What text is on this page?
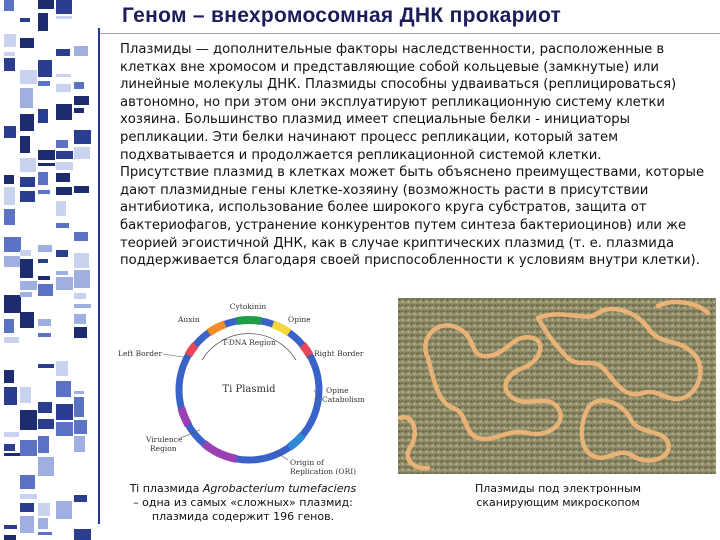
Геном – внехромосомная ДНК прокариот

Плазмиды — дополнительные факторы наследственности, расположенные в клетках вне хромосом и представляющие собой кольцевые (замкнутые) или линейные молекулы ДНК. Плазмиды способны удваиваться (реплицироваться) автономно, но при этом они эксплуатируют репликационную систему клетки хозяина. Большинство плазмид имеет специальные белки - инициаторы репликации. Эти белки начинают процесс репликации, который затем подхватывается и продолжается репликационной системой клетки.

Присутствие плазмид в клетках может быть объяснено преимуществами, которые дают плазмидные гены клетке-хозяину (возможность расти в присутствии антибиотика, использование более широкого круга субстратов, защита от бактериофагов, устранение конкурентов путем синтеза бактериоцинов) или же теорией эгоистичной ДНК, как в случае криптических плазмид (т. е. плазмида поддерживается благодаря своей приспособленности к условиям внутри клетки).

T-DNA Region
Ti Plasmid
Cytokinin
Opine
Auxin
Left Border	Right Border
Opine
Catabolism
Virulence
Region
Origin of
Replication (ORI)
Ti плазмида Agrobacterium tumefaciens
– одна из самых «сложных» плазмид: плазмида содержит 196 генов.
Плазмиды под электронным сканирующим микроскопом
